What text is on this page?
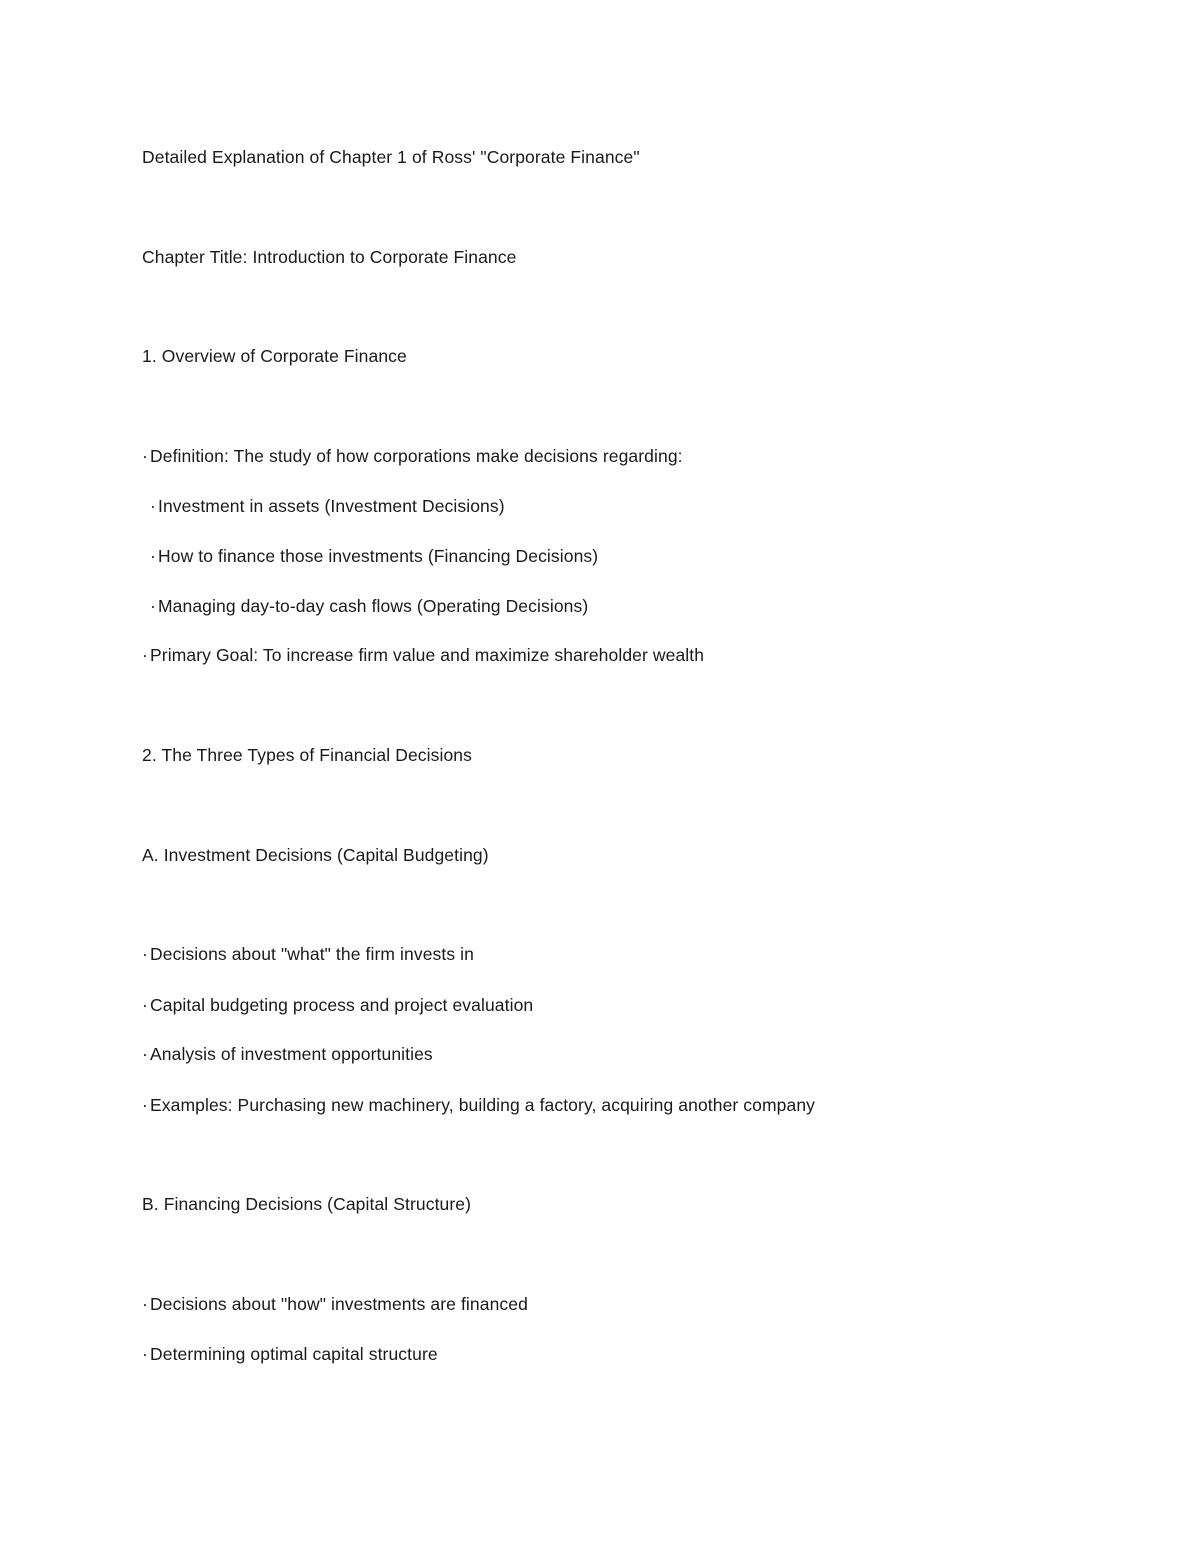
Detailed Explanation of Chapter 1 of Ross' "Corporate Finance"
Chapter Title: Introduction to Corporate Finance
1. Overview of Corporate Finance
· Definition: The study of how corporations make decisions regarding:
· Investment in assets (Investment Decisions)
· How to finance those investments (Financing Decisions)
· Managing day-to-day cash flows (Operating Decisions)
· Primary Goal: To increase firm value and maximize shareholder wealth
2. The Three Types of Financial Decisions
A. Investment Decisions (Capital Budgeting)
· Decisions about "what" the firm invests in
· Capital budgeting process and project evaluation
· Analysis of investment opportunities
· Examples: Purchasing new machinery, building a factory, acquiring another company
B. Financing Decisions (Capital Structure)
· Decisions about "how" investments are financed
· Determining optimal capital structure
